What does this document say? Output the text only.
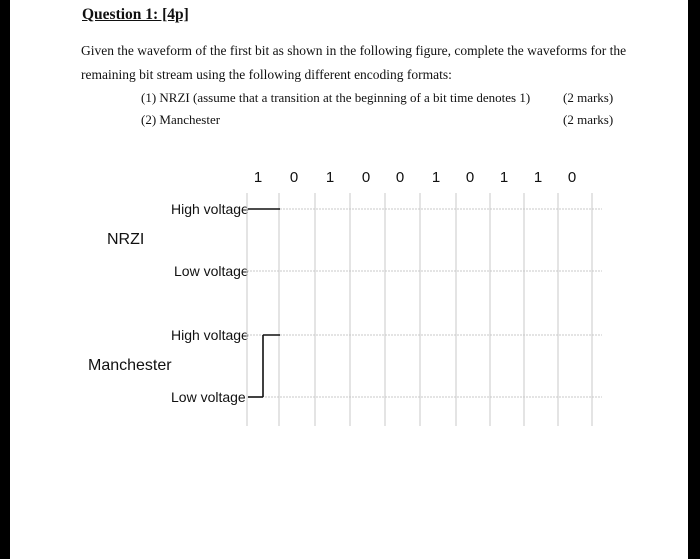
Question 1: [4p]
Given the waveform of the first bit as shown in the following figure, complete the waveforms for the
remaining bit stream using the following different encoding formats:
(1) NRZI (assume that a transition at the beginning of a bit time denotes 1)	(2 marks)
(2) Manchester	(2 marks)
High voltage
NRZI
Low voltage
High voltage
Manchester
Low voltage
1	0	1	0	0	1	0	1	1	0
